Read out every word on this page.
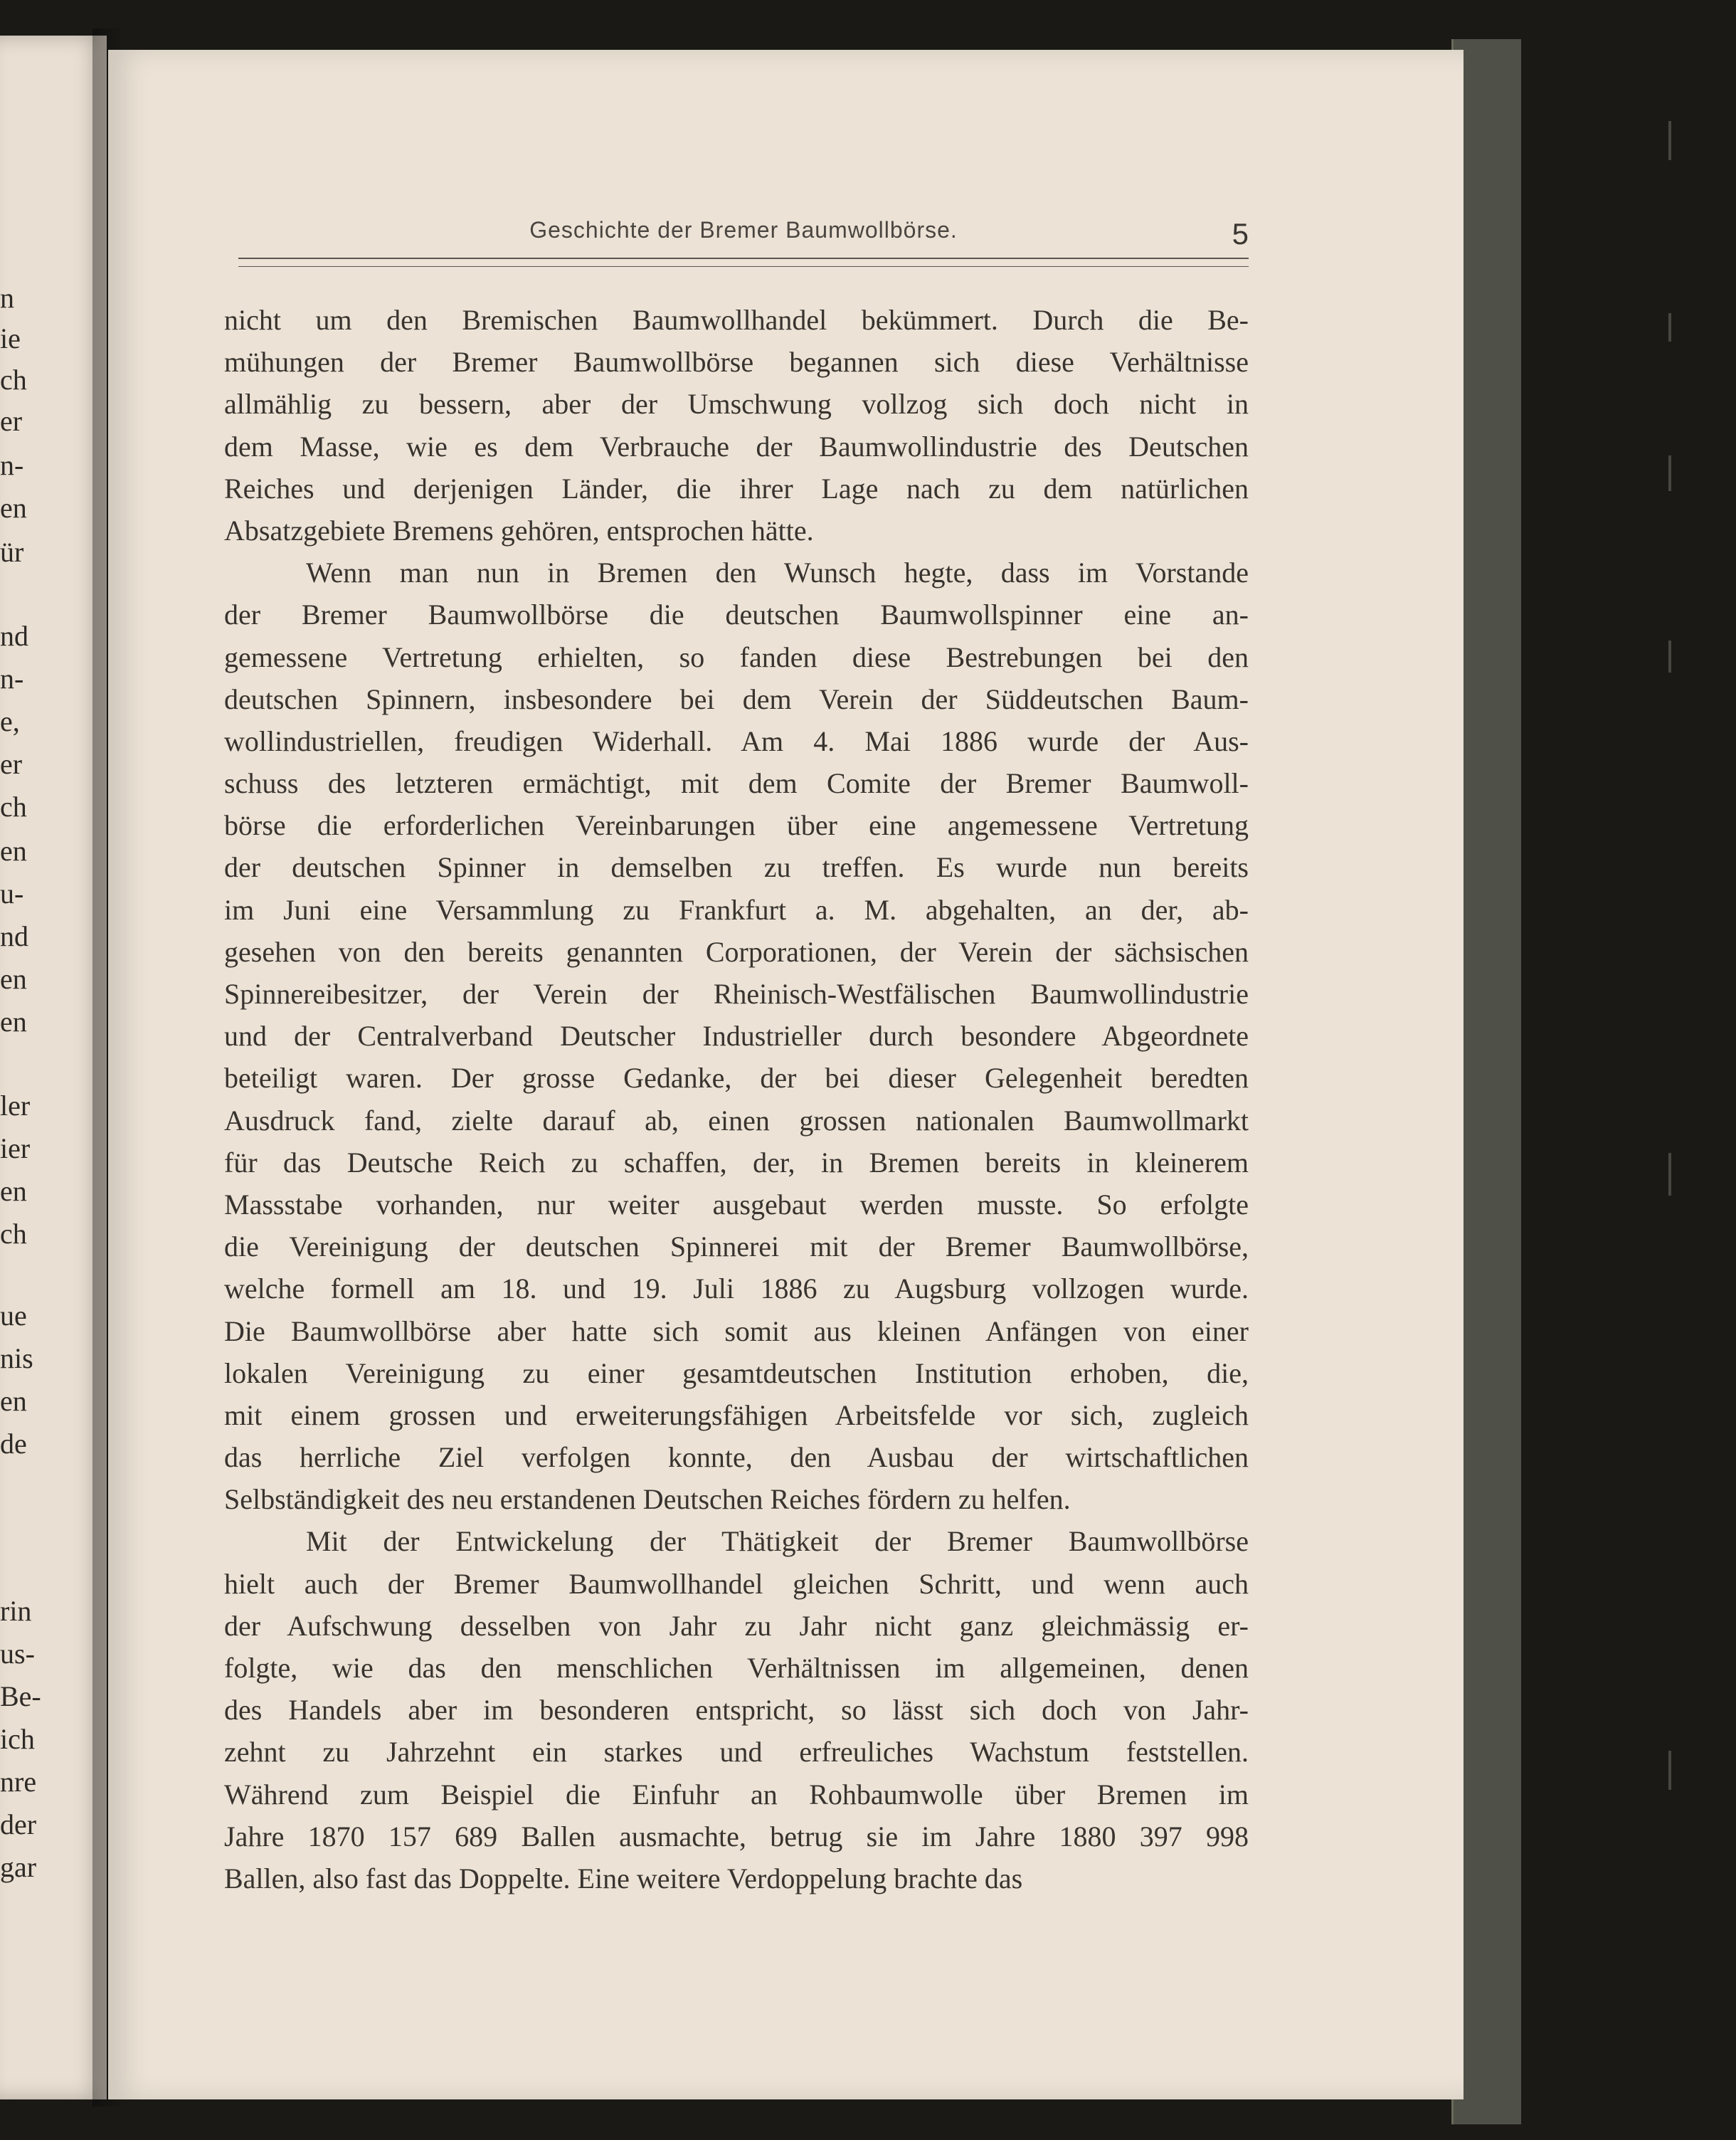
n
ie
ch
er
n-
en
ür
nd
n-
e,
er
ch
en
u-
nd
en
en
ler
ier
en
ch
ue
nis
en
de
rin
us-
Be-
ich
nre
der
gar
Geschichte der Bremer Baumwollbörse.	5
nicht um den Bremischen Baumwollhandel bekümmert. Durch die Be-
mühungen der Bremer Baumwollbörse begannen sich diese Verhältnisse
allmählig zu bessern, aber der Umschwung vollzog sich doch nicht in
dem Masse, wie es dem Verbrauche der Baumwollindustrie des Deutschen
Reiches und derjenigen Länder, die ihrer Lage nach zu dem natürlichen
Absatzgebiete Bremens gehören, entsprochen hätte.
Wenn man nun in Bremen den Wunsch hegte, dass im Vorstande
der Bremer Baumwollbörse die deutschen Baumwollspinner eine an-
gemessene Vertretung erhielten, so fanden diese Bestrebungen bei den
deutschen Spinnern, insbesondere bei dem Verein der Süddeutschen Baum-
wollindustriellen, freudigen Widerhall. Am 4. Mai 1886 wurde der Aus-
schuss des letzteren ermächtigt, mit dem Comite der Bremer Baumwoll-
börse die erforderlichen Vereinbarungen über eine angemessene Vertretung
der deutschen Spinner in demselben zu treffen. Es wurde nun bereits
im Juni eine Versammlung zu Frankfurt a. M. abgehalten, an der, ab-
gesehen von den bereits genannten Corporationen, der Verein der sächsischen
Spinnereibesitzer, der Verein der Rheinisch-Westfälischen Baumwollindustrie
und der Centralverband Deutscher Industrieller durch besondere Abgeordnete
beteiligt waren. Der grosse Gedanke, der bei dieser Gelegenheit beredten
Ausdruck fand, zielte darauf ab, einen grossen nationalen Baumwollmarkt
für das Deutsche Reich zu schaffen, der, in Bremen bereits in kleinerem
Massstabe vorhanden, nur weiter ausgebaut werden musste. So erfolgte
die Vereinigung der deutschen Spinnerei mit der Bremer Baumwollbörse,
welche formell am 18. und 19. Juli 1886 zu Augsburg vollzogen wurde.
Die Baumwollbörse aber hatte sich somit aus kleinen Anfängen von einer
lokalen Vereinigung zu einer gesamtdeutschen Institution erhoben, die,
mit einem grossen und erweiterungsfähigen Arbeitsfelde vor sich, zugleich
das herrliche Ziel verfolgen konnte, den Ausbau der wirtschaftlichen
Selbständigkeit des neu erstandenen Deutschen Reiches fördern zu helfen.
Mit der Entwickelung der Thätigkeit der Bremer Baumwollbörse
hielt auch der Bremer Baumwollhandel gleichen Schritt, und wenn auch
der Aufschwung desselben von Jahr zu Jahr nicht ganz gleichmässig er-
folgte, wie das den menschlichen Verhältnissen im allgemeinen, denen
des Handels aber im besonderen entspricht, so lässt sich doch von Jahr-
zehnt zu Jahrzehnt ein starkes und erfreuliches Wachstum feststellen.
Während zum Beispiel die Einfuhr an Rohbaumwolle über Bremen im
Jahre 1870 157 689 Ballen ausmachte, betrug sie im Jahre 1880 397 998
Ballen, also fast das Doppelte. Eine weitere Verdoppelung brachte das
